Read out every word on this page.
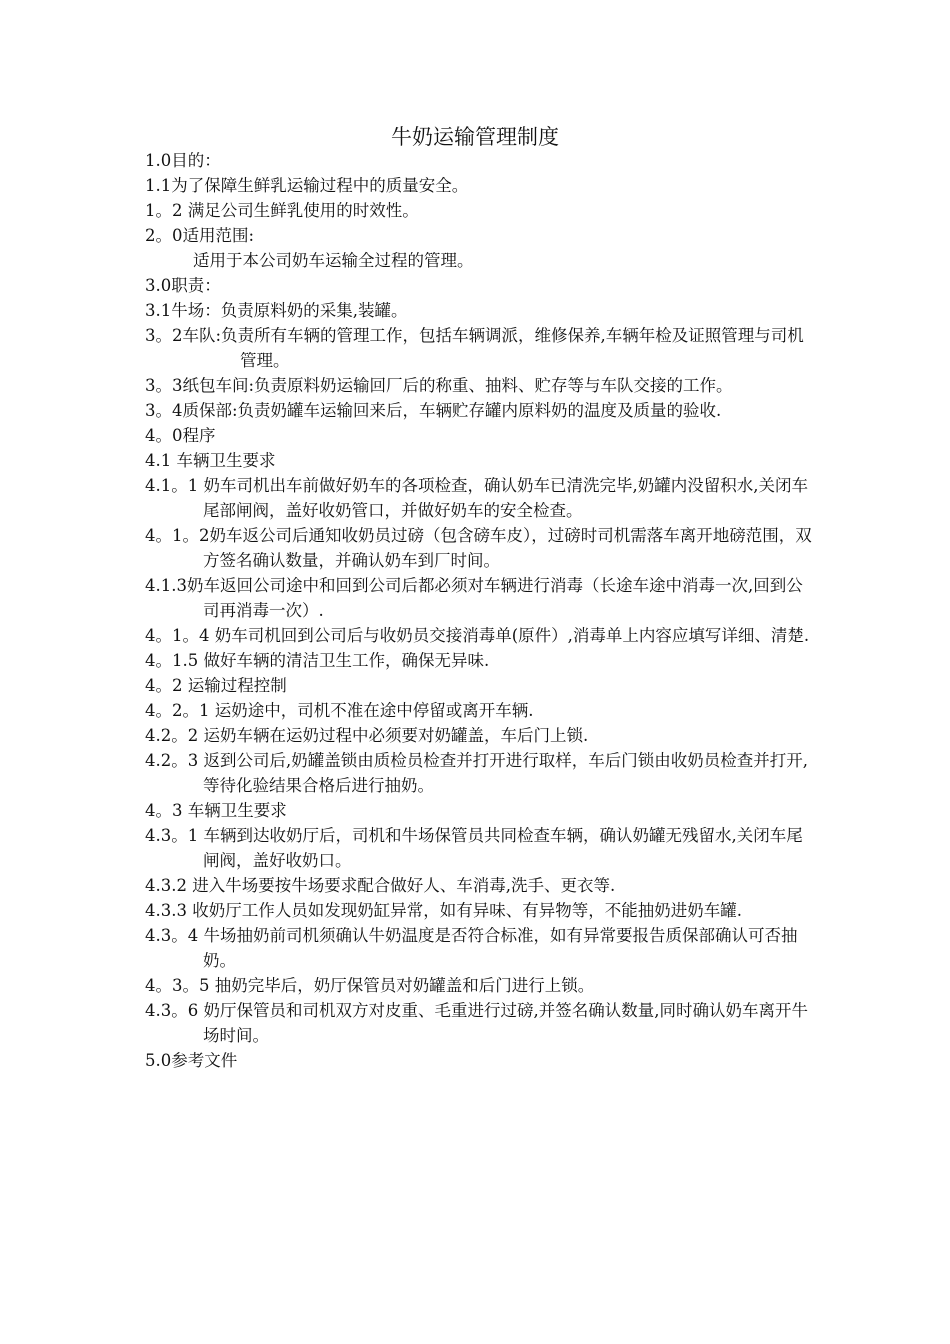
牛奶运输管理制度

1.0目的：

1.1为了保障生鲜乳运输过程中的质量安全。

1。2 满足公司生鲜乳使用的时效性。

2。0适用范围:

适用于本公司奶车运输全过程的管理。

3.0职责：

3.1牛场：负责原料奶的采集,装罐。

3。2车队:负责所有车辆的管理工作，包括车辆调派，维修保养,车辆年检及证照管理与司机管理。

3。3纸包车间:负责原料奶运输回厂后的称重、抽料、贮存等与车队交接的工作。

3。4质保部:负责奶罐车运输回来后，车辆贮存罐内原料奶的温度及质量的验收.

4。0程序

4.1 车辆卫生要求

4.1。1 奶车司机出车前做好奶车的各项检查，确认奶车已清洗完毕,奶罐内没留积水,关闭车尾部闸阀，盖好收奶管口，并做好奶车的安全检查。

4。1。2奶车返公司后通知收奶员过磅（包含磅车皮），过磅时司机需落车离开地磅范围，双方签名确认数量，并确认奶车到厂时间。

4.1.3奶车返回公司途中和回到公司后都必须对车辆进行消毒（长途车途中消毒一次,回到公司再消毒一次）.

4。1。4 奶车司机回到公司后与收奶员交接消毒单(原件）,消毒单上内容应填写详细、清楚.

4。1.5 做好车辆的清洁卫生工作，确保无异味.

4。2 运输过程控制

4。2。1 运奶途中，司机不准在途中停留或离开车辆.

4.2。2 运奶车辆在运奶过程中必须要对奶罐盖，车后门上锁.

4.2。3 返到公司后,奶罐盖锁由质检员检查并打开进行取样，车后门锁由收奶员检查并打开,等待化验结果合格后进行抽奶。

4。3 车辆卫生要求

4.3。1 车辆到达收奶厅后，司机和牛场保管员共同检查车辆，确认奶罐无残留水,关闭车尾闸阀，盖好收奶口。

4.3.2 进入牛场要按牛场要求配合做好人、车消毒,洗手、更衣等.

4.3.3 收奶厅工作人员如发现奶缸异常，如有异味、有异物等，不能抽奶进奶车罐.

4.3。4 牛场抽奶前司机须确认牛奶温度是否符合标准，如有异常要报告质保部确认可否抽奶。

4。3。5 抽奶完毕后，奶厅保管员对奶罐盖和后门进行上锁。

4.3。6 奶厅保管员和司机双方对皮重、毛重进行过磅,并签名确认数量,同时确认奶车离开牛场时间。

5.0参考文件
